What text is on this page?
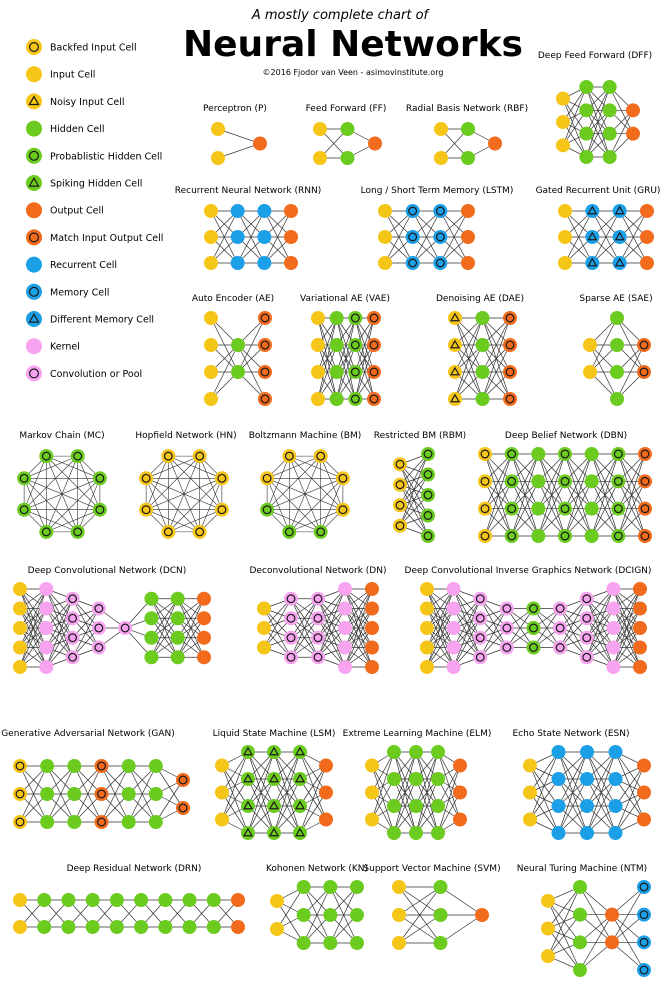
A mostly complete chart of
Neural Networks
©2016 Fjodor van Veen - asimovinstitute.org
Backfed Input Cell
Input Cell
Noisy Input Cell
Hidden Cell
Probablistic Hidden Cell
Spiking Hidden Cell
Output Cell
Match Input Output Cell
Recurrent Cell
Memory Cell
Different Memory Cell
Kernel
Convolution or Pool
Perceptron (P)	Feed Forward (FF) Radial Basis Network (RBF)
Deep Feed Forward (DFF)
Recurrent Neural Network (RNN)	Long / Short Term Memory (LSTM) Gated Recurrent Unit (GRU)
Auto Encoder (AE)	Variational AE (VAE)	Denoising AE (DAE)	Sparse AE (SAE)
Markov Chain (MC)	Hopfield Network (HN) Boltzmann Machine (BM) Restricted BM (RBM)	Deep Belief Network (DBN)
Deep Convolutional Network (DCN)	Deconvolutional Network (DN) Deep Convolutional Inverse Graphics Network (DCIGN)
Generative Adversarial Network (GAN)	Liquid State Machine (LSM) Extreme Learning Machine (ELM) Echo State Network (ESN)
Deep Residual Network (DRN)	Kohonen Network (KN)
Support Vector Machine (SVM) Neural Turing Machine (NTM)
